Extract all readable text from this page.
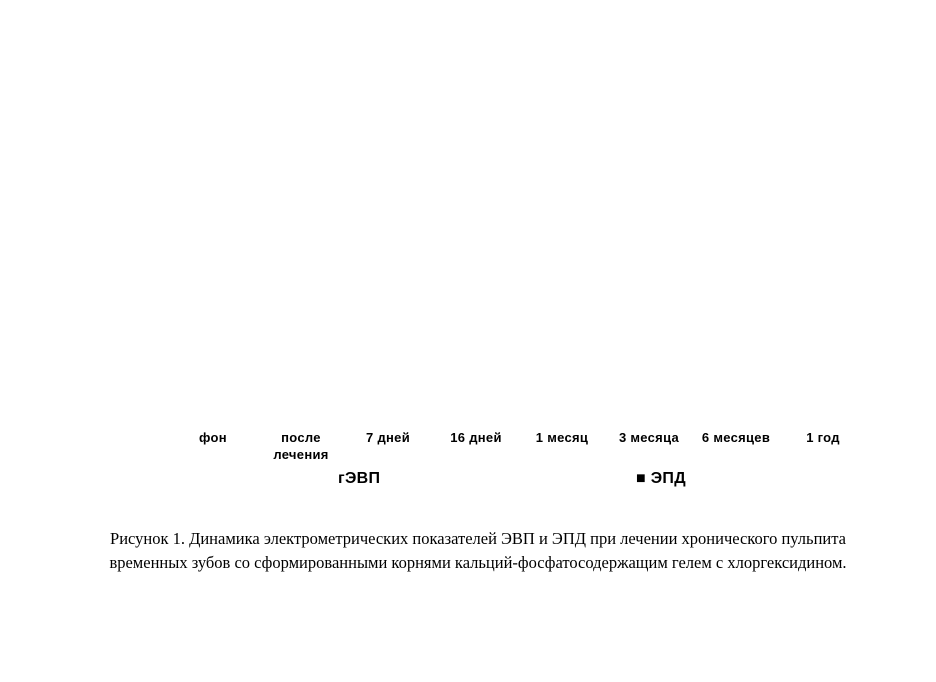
фон	после
лечения
7 дней	16 дней	1 месяц	3 месяца	6 месяцев	1 год
гЭВП	■ ЭПД
Рисунок 1. Динамика электрометрических показателей ЭВП и ЭПД при лечении хронического пульпита
временных зубов со сформированными корнями кальций-фосфатосодержащим гелем с хлоргексидином.
